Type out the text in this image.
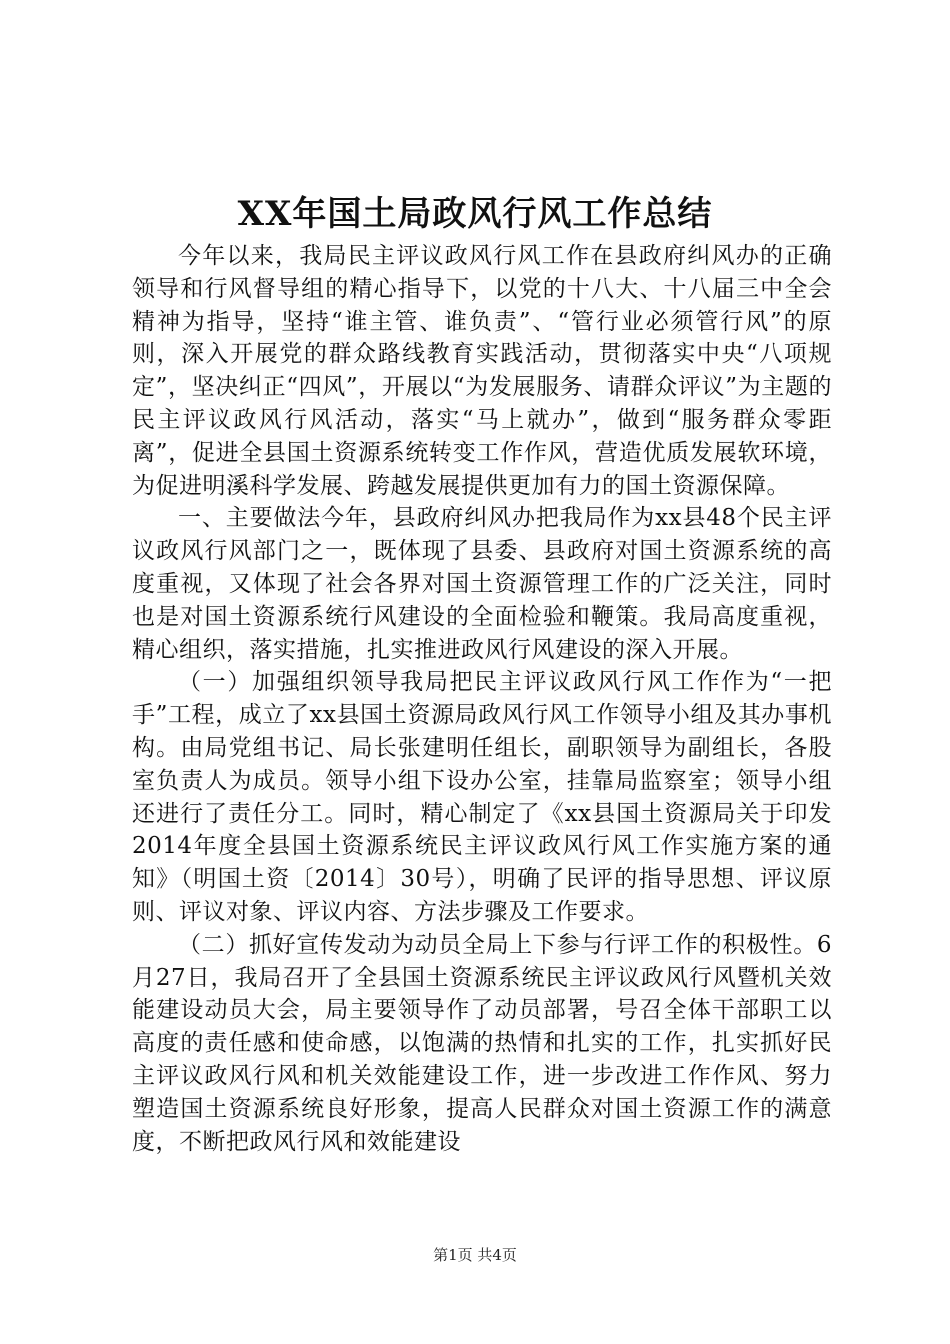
XX年国土局政风行风工作总结

今年以来，我局民主评议政风行风工作在县政府纠风办的正确领导和行风督导组的精心指导下，以党的十八大、十八届三中全会精神为指导，坚持“谁主管、谁负责”、“管行业必须管行风”的原则，深入开展党的群众路线教育实践活动，贯彻落实中央“八项规定”，坚决纠正“四风”，开展以“为发展服务、请群众评议”为主题的民主评议政风行风活动，落实“马上就办”，做到“服务群众零距离”，促进全县国土资源系统转变工作作风，营造优质发展软环境，为促进明溪科学发展、跨越发展提供更加有力的国土资源保障。

一、主要做法今年，县政府纠风办把我局作为xx县48个民主评议政风行风部门之一，既体现了县委、县政府对国土资源系统的高度重视，又体现了社会各界对国土资源管理工作的广泛关注，同时也是对国土资源系统行风建设的全面检验和鞭策。我局高度重视，精心组织，落实措施，扎实推进政风行风建设的深入开展。

（一）加强组织领导我局把民主评议政风行风工作作为“一把手”工程，成立了xx县国土资源局政风行风工作领导小组及其办事机构。由局党组书记、局长张建明任组长，副职领导为副组长，各股室负责人为成员。领导小组下设办公室，挂靠局监察室；领导小组还进行了责任分工。同时，精心制定了《xx县国土资源局关于印发2014年度全县国土资源系统民主评议政风行风工作实施方案的通知》（明国土资〔2014〕30号），明确了民评的指导思想、评议原则、评议对象、评议内容、方法步骤及工作要求。

（二）抓好宣传发动为动员全局上下参与行评工作的积极性。6月27日，我局召开了全县国土资源系统民主评议政风行风暨机关效能建设动员大会，局主要领导作了动员部署，号召全体干部职工以高度的责任感和使命感，以饱满的热情和扎实的工作，扎实抓好民主评议政风行风和机关效能建设工作，进一步改进工作作风、努力塑造国土资源系统良好形象，提高人民群众对国土资源工作的满意度，不断把政风行风和效能建设

第1页 共4页
